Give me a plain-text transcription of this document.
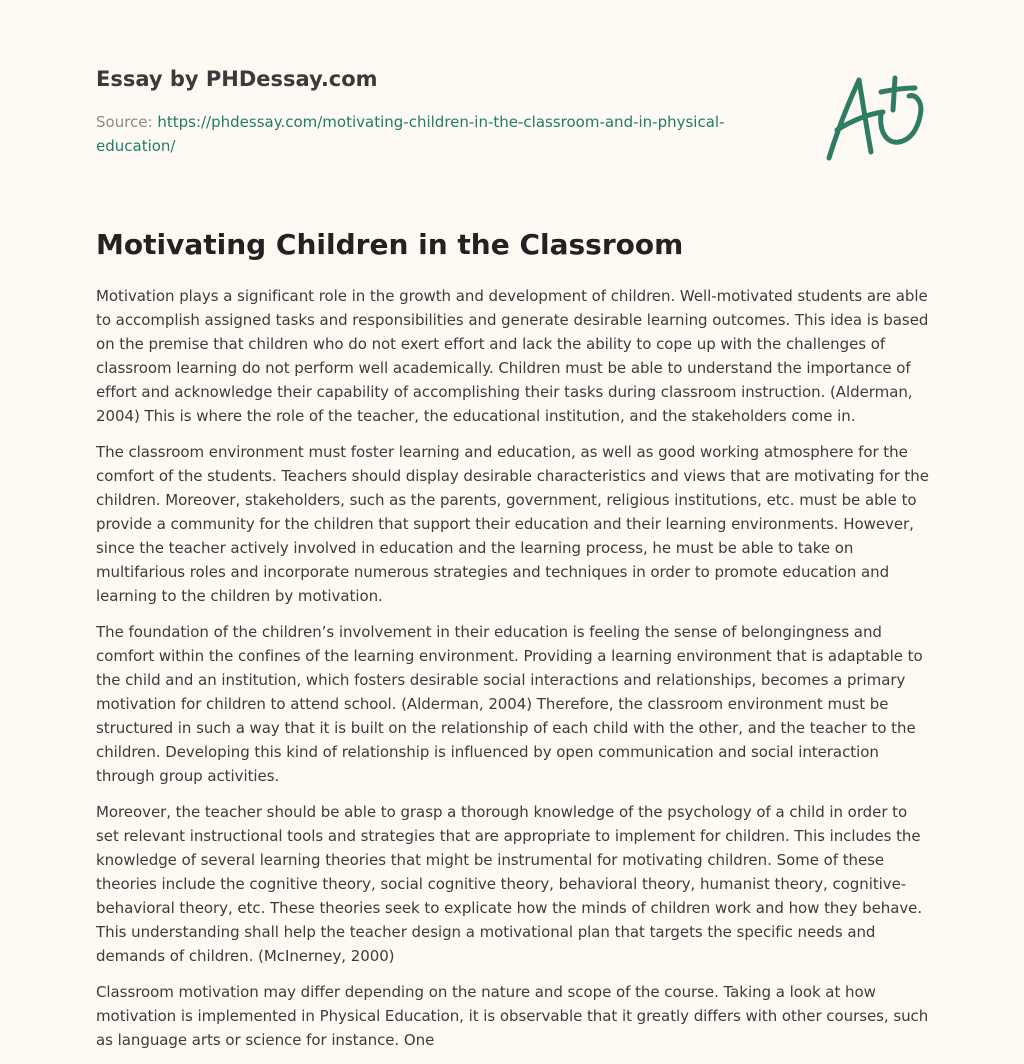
Essay by PHDessay.com
Source: https://phdessay.com/motivating-children-in-the-classroom-and-in-physical-education/
Motivating Children in the Classroom

Motivation plays a significant role in the growth and development of children. Well-motivated students are able to accomplish assigned tasks and responsibilities and generate desirable learning outcomes. This idea is based on the premise that children who do not exert effort and lack the ability to cope up with the challenges of classroom learning do not perform well academically. Children must be able to understand the importance of effort and acknowledge their capability of accomplishing their tasks during classroom instruction. (Alderman, 2004) This is where the role of the teacher, the educational institution, and the stakeholders come in.

The classroom environment must foster learning and education, as well as good working atmosphere for the comfort of the students. Teachers should display desirable characteristics and views that are motivating for the children. Moreover, stakeholders, such as the parents, government, religious institutions, etc. must be able to provide a community for the children that support their education and their learning environments. However, since the teacher actively involved in education and the learning process, he must be able to take on multifarious roles and incorporate numerous strategies and techniques in order to promote education and learning to the children by motivation.

The foundation of the children’s involvement in their education is feeling the sense of belongingness and comfort within the confines of the learning environment. Providing a learning environment that is adaptable to the child and an institution, which fosters desirable social interactions and relationships, becomes a primary motivation for children to attend school. (Alderman, 2004) Therefore, the classroom environment must be structured in such a way that it is built on the relationship of each child with the other, and the teacher to the children. Developing this kind of relationship is influenced by open communication and social interaction through group activities.

Moreover, the teacher should be able to grasp a thorough knowledge of the psychology of a child in order to set relevant instructional tools and strategies that are appropriate to implement for children. This includes the knowledge of several learning theories that might be instrumental for motivating children. Some of these theories include the cognitive theory, social cognitive theory, behavioral theory, humanist theory, cognitive-behavioral theory, etc. These theories seek to explicate how the minds of children work and how they behave. This understanding shall help the teacher design a motivational plan that targets the specific needs and demands of children. (McInerney, 2000)

Classroom motivation may differ depending on the nature and scope of the course. Taking a look at how motivation is implemented in Physical Education, it is observable that it greatly differs with other courses, such as language arts or science for instance. One
